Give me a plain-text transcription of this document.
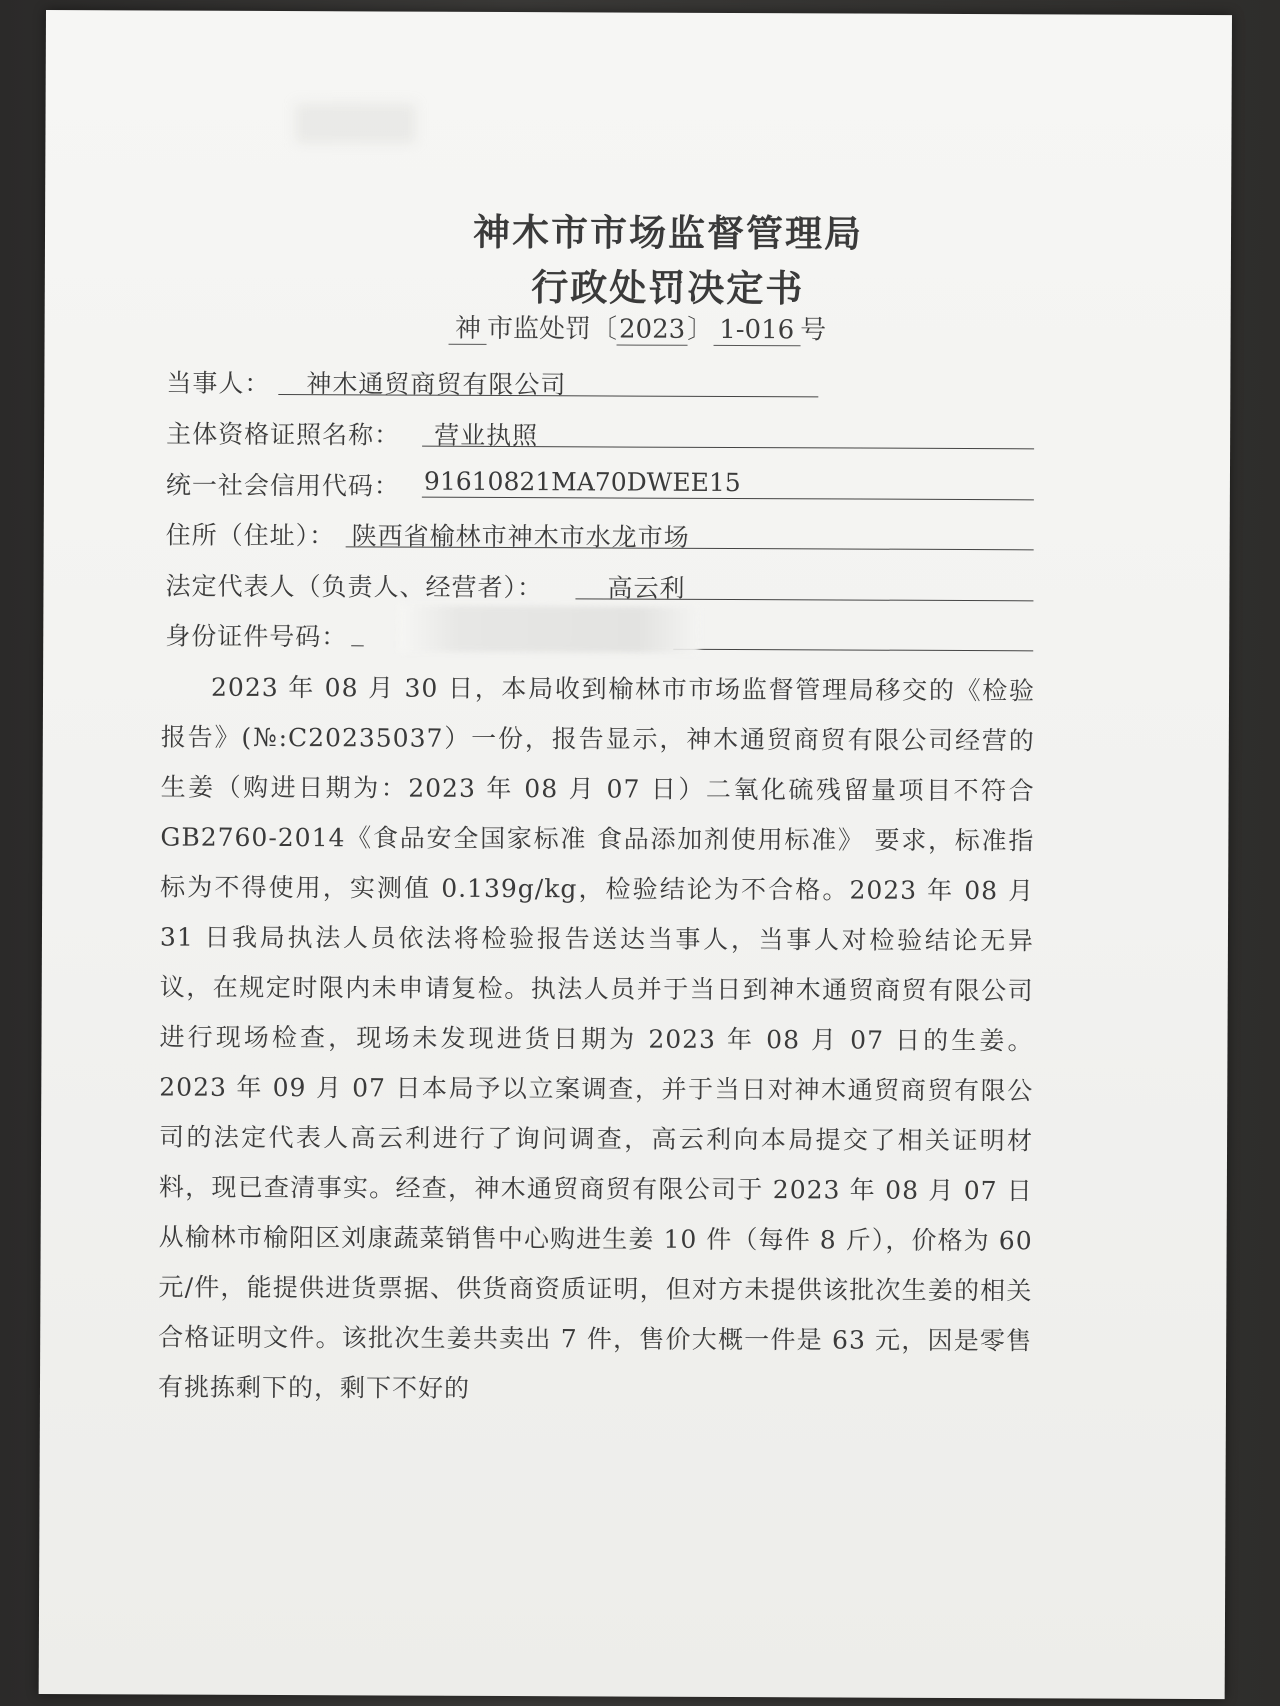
神木市市场监督管理局
行政处罚决定书
神 市监处罚〔2023〕 1-016 号
当事人： 神木通贸商贸有限公司
主体资格证照名称： 营业执照
统一社会信用代码： 91610821MA70DWEE15
住所（住址）： 陕西省榆林市神木市水龙市场
法定代表人（负责人、经营者）：	高云利
身份证件号码： _

2023 年 08 月 30 日，本局收到榆林市市场监督管理局移交的《检验报告》(№:C20235037）一份，报告显示，神木通贸商贸有限公司经营的生姜（购进日期为：2023 年 08 月 07 日）二氧化硫残留量项目不符合 GB2760-2014《食品安全国家标准 食品添加剂使用标准》 要求，标准指标为不得使用，实测值 0.139g/kg，检验结论为不合格。2023 年 08 月 31 日我局执法人员依法将检验报告送达当事人，当事人对检验结论无异议，在规定时限内未申请复检。执法人员并于当日到神木通贸商贸有限公司进行现场检查，现场未发现进货日期为 2023 年 08 月 07 日的生姜。2023 年 09 月 07 日本局予以立案调查，并于当日对神木通贸商贸有限公司的法定代表人高云利进行了询问调查，高云利向本局提交了相关证明材料，现已查清事实。经查，神木通贸商贸有限公司于 2023 年 08 月 07 日从榆林市榆阳区刘康蔬菜销售中心购进生姜 10 件（每件 8 斤），价格为 60 元/件，能提供进货票据、供货商资质证明，但对方未提供该批次生姜的相关合格证明文件。该批次生姜共卖出 7 件，售价大概一件是 63 元，因是零售有挑拣剩下的，剩下不好的
